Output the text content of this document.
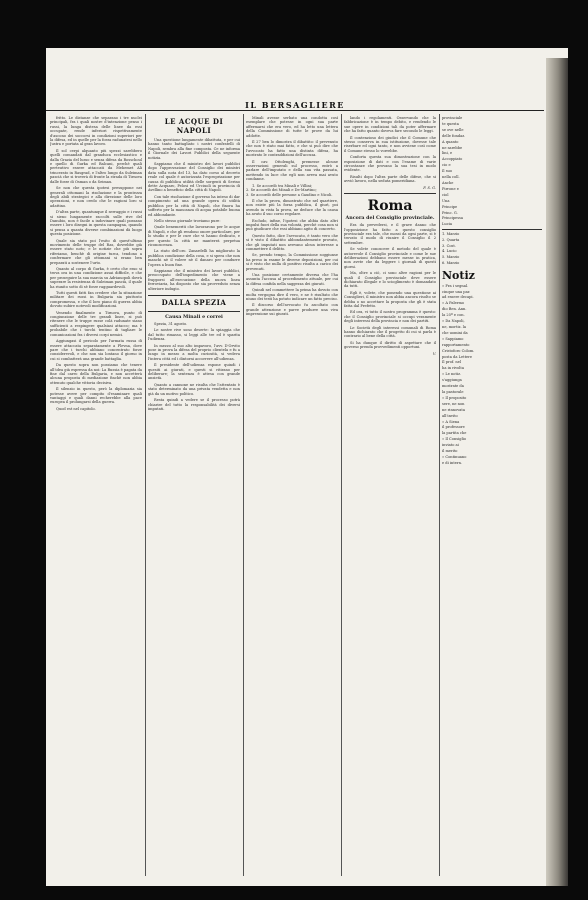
IL BERSAGLIERE

fritto. Le distanze che separano i tre nuclei principali, fra i quali nostre d'intenzione penso i russi, la lunga distesa delle linee da essi occupate, rende inferiori rispettivamente d'ascono dei soccorsi in condizioni superiori per la difesa, ed in quelle per la forza radunatesi nello Justra e portata al gran lavoro.

Il sol cerpi alquanto più spezzi sarebbero quelli comandati dal granduca ecclesiastico e dalla Grazia del lusso e senza difesa da Rosschoul e quello di Gurka ed Balcani, perchè quali perteutivo essere attaccati da Mehemet Ali trincerato in Rasgrad, e l'altro lungo da Suleiman pascià che si troverà di fronte la strada di Tirnova dalle forze di Osman o da Seimau.

Se non che questa ipotesi presuppone nei generali ottomani la risoluzione e la prontezza degli abili strategici e alla direzione delle loro operazioni, e non credo che le ragioni loro si adattino.

D'altra parte, quantunque il serraggio e i russi si sieno lungamente raccolti sulle rive del Danubio, non è facile a indovinare quali possano essere i loro disegni in questa campagna, quando si pensa a quanta diverse combinazioni dà luogo questa posizione.

Quale sia stato poi l'esito di quest'ultimo movimento delle truppe del Ras, dovrebbe già essere stato noto; e le notizie che più sopra riferiamo, benchè di origine turca, tendono a confermare che gli ottomani si erano ben preparati a sostenere l'urto.

Quanto al corpo di Gurka, è certo che esso si trova ora in una condizione assai difficile, e che per proseguire la sua marcia su Adrianopoli dovrà superare la resistenza di Suleiman pascià, il quale ha riunito sotto di sè forze ragguardevoli.

Tutti questi fatti fan credere che la situazione militare dei russi in Bulgaria sia piuttosto compromessa, e che il loro piano di guerra abbia dovuto subire notevoli modificazioni.

Venendo finalmente a Tirnova, punto di congiunzione delle tre grandi linee, si può ritenere che le truppe russe colà radunate siano sufficienti a respingere qualsiasi attacco; ma è probabile che i turchi tentino di tagliare le comunicazioni fra i diversi corpi nemici.

Aggiungasi il pericolo per l'armata russa di essere attaccata separatamente a Plevna, dove pare che i turchi abbiano concentrato forze considerevoli, e che non sia lontano il giorno in cui si combatterà una grande battaglia.

Da questo sopra non possiamo che tenere all'idea già espressa da noi: La Russia è pagata da fine dal carro della Bulgaria, e non accetterà alcuna proposta di mediazione finchè non abbia ottenuto qualche vittoria decisiva.

Il silenzio in questo, però la diplomazia sia potesse avere per compito d'esaminare quali vantaggi e quali danni recherebbe alla pace europea il prolungarsi della guerra.

Quod est nel capitolo.

LE ACQUE DI NAPOLI

Una questione lungamente dibattuta, e per cui hanno tanto battagliato i nostri confratelli di Napoli, sembra alla fine composta. Ce ne informa il Giornale dei Lavori Pubblici della seguente notizia.

Sappiamo che il ministro dei lavori pubblici dopo l'approvazione del Consiglio dei ministri data sulla nota del 13, ha dato corso al decreto reale col quale è autorizzata l'espropriazione per causa di pubblica utilità delle sorgenti di Serino dette Acquaro, Pelosi ed Urciuoli in provincia di Avellino a beneficio della città di Napoli.

Con tale risoluzione il governo ha inteso di dar compimento ad una grande opera di utilità pubblica per la città di Napoli, che finora ha sofferto per la mancanza di acqua potabile buona ed abbondante.

Nello stesso giornale troviamo pure:

Quale benemeriti che lavorarono per le acque di Napoli, e che gli rendono onore particolare, per lo studio e per le cure che vi hanno dedicato, e per questo la città ne manterrà perpetua riconoscenza.

La stato dell'oro. Zanardelli ha migliorato la pubblica condizione della cosa, e si spera che non manchi nè il volere nè il danaro per condurre l'opera a buon fine.

Sappiamo che il ministro dei lavori pubblici, preoccupato dell'impedimento che viene a frapporsi all'esecuzione della nuova linea ferroviaria, ha disposto che sia provveduto senza ulteriore indugio.

DALLA SPEZIA
Causa Minali e correi

Spezia, 31 agosto.

Le nostre rive sono deserte: la spiaggia che dal tutto rimasso, si leggi alle tre ed è sparita l'udienza.

In mezzo al suo alto impavoro, l'avv. D'Orvito pose in prova la difesa del proprio clientela e fu a lungo in mezzo a molta curiosità, si vedeva l'intera città ed i dintorni accorrere all'udienza.

Il presidente dell'udienza espone quindi i quesiti ai giurati, e questi si ritirano per deliberare; la sentenza è attesa con grande ansietà.

Quanto a cannone ne risulta che l'attentato è stato determinato da una privata vendetta e non già da un motivo politico.

Resta quindi a vedere se il processo potrà chiarire del tutto la responsabilità dei diversi imputati.

Minali avesse serbato una condotta così esemplare che potesse in ogni sua parte affermarsi che era vero, ed ha letto una lettera della Commissione di tutte le prove da lui addotte.

Il 27 ben lo dimostra il dibattito: il prevenuto che non è stato mai fatto, e che si può dire che l'avvocato ha fatto una distinta difesa, ha mostrato le contraddizioni dell'accusa.

Il cav. Ottolenghi, premesse alcune osservazioni generali sul processo, entrò a parlare dell'imputato e della sua vita passata, mettendo in luce che egli non aveva mai avuto condanne.

1. Se accordò tra Minali e Villini;
2. Se accordò dei Minali e De-Martino;
3. Se accordò delle persone a Gaudino e Nicoli.

Il che la prova, dimostrato che nel quartiere, non esiste più la forza pubblica, il giurì, poi avendo in vista la prova, ne deduce che la causa ha avuto il suo corso regolare.

Escludo, infine, l'ipotesi che abbia dato altri impulsi fuori della sua volontà, perchè cosa non si può giudicare che essi abbiano agito di concerto.

Questo fatto, dice l'avvocato, è tanto vero che si è visto il dibattito abbondantemente provato, che gli imputati non avevano alcun interesse a commettere il delitto.

Se, prendo tempo, la Commissione soggiunse ha preso in esame le diverse deposizioni, per cui si è visto che nulla di positivo risulta a carico dei prevenuti.

Una posizione certamente diversa che l'ha assunta l'accusa al procedimento attuale, per cui la difesa confida nella saggezza dei giurati.

Quindi nel commettere la prima ha dovuto con molta vergogna dire il vero, e ne è risultato che niuno dei testi ha potuto indicare un fatto preciso.

Il discorso dell'avvocato fu ascoltato con grande attenzione e parve produrre una viva impressione sui giurati.

lando i regolamenti. Osservando che la fabbricazione è in tempo debito, e rendendo le sue opere in condizioni tali da poter affermare che ha fatto quanto doveva fare secondo le leggi.

Il contenzioso dei giudici che il Comune che stesso conserva in sua istituzione, dovesse tale riserbare ed ogni tanto, e non avviene così come il Comune stesso lo vorrebbe.

Conforta questa sua dimostrazione con la esposizione di dati e con l'esame di varie circostanze che provano la sua tesi in modo evidente.

Risulti dopo l'altra parte delle difese, che si avviò lavoro, nella seduta pomeridiana.

F. S. G.
Roma
Ancora del Consiglio provinciale.

Era da prevedersi, e il grave danno che l'opposizione ha fatto a questo consiglio provinciale era tale, che mossi da ogni parte, si è trovato il modo di riunire il Consiglio il 2 settembre.

Se volete conoscere il metodo del quale è autorevole il Consiglio provinciale e come le sue deliberazioni debbano essere messe in pratica, non avete che da leggere i giornali di questi giorni.

Ma, oltre a ciò, ci sono altre ragioni per le quali il Consiglio provinciale deve essere dichiarato illegale e lo scioglimento è domandato da tutti.

Egli è, volete, che ponendo una questione ai Consiglieri, il ministro non abbia ancora risolto se debba o no accettare la proposta che gli è stata fatta dal Prefetto.

Ed ora, vi tutto il nostro programma è questo: che il Consiglio provinciale si occupi veramente degli interessi della provincia e non dei partiti.

Le Società degli interessi comunali di Roma hanno dichiarato che il progetto di cui si parla è contrario al bene della città.

Si ha dunque il diritto di aspettare che il governo prenda provvedimenti opportuni.

V.
provinciale
te questa
se ove nelle
delle fondaz.
A quanto
ne sarebbe
lini, e
Accoppiato
cio e
Il suo
nella coll.
Anche
Pirrone e
ciol
Una
Principe
Princ. G.
Principessa
Lucia
1. Marzio
2. Quarta
3. Cost.
4. Lucio
5. Marzio
6. Marzio
Notiz
« Fra i segnal.
cinque una par.
ad essere decapi.
« A Palermo
dio Ben. Ann.
la 25ª e con.
« Da Napoli,
ne, mortiz. la
che uomini da
« Sappiamo
rapportamento
Cristoforo Colom.
posta da Lettere
Il prof. nel
ha in rivolta
« Le notiz.
s'aggiunga
mostrate da
la pastorale
« Il proposito
sere, ne non
ne rinnovata
all'invito
« A Siena
il professore
la partita che
« Il Consiglio
inviato ai
il merito
« Continuano
e di intern.
